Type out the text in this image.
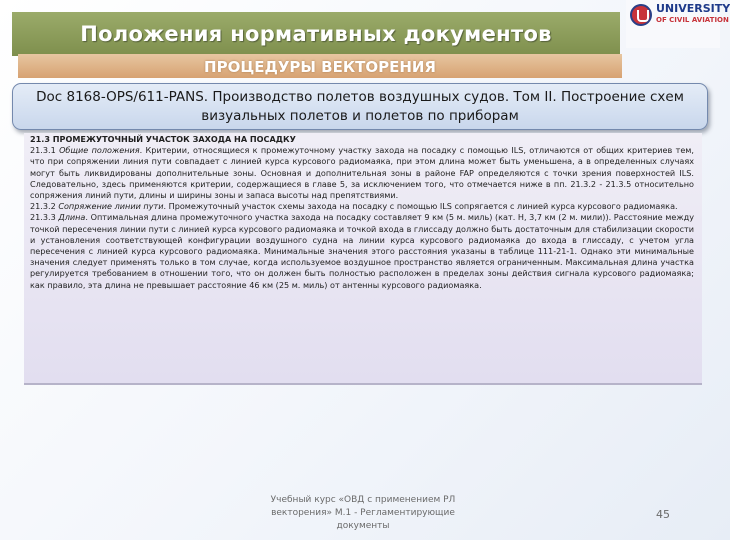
Положения нормативных документов
UNIVERSITY
OF CIVIL AVIATION
ПРОЦЕДУРЫ ВЕКТОРЕНИЯ
Doc 8168-OPS/611-PANS. Производство полетов воздушных судов. Том II. Построение схем визуальных полетов и полетов по приборам

21.3 ПРОМЕЖУТОЧНЫЙ УЧАСТОК ЗАХОДА НА ПОСАДКУ

21.3.1 Общие положения. Критерии, относящиеся к промежуточному участку захода на посадку с помощью ILS, отличаются от общих критериев тем, что при сопряжении линия пути совпадает с линией курса курсового радиомаяка, при этом длина может быть уменьшена, а в определенных случаях могут быть ликвидированы дополнительные зоны. Основная и дополнительная зоны в районе FAP определяются с точки зрения поверхностей ILS. Следовательно, здесь применяются критерии, содержащиеся в главе 5, за исключением того, что отмечается ниже в пп. 21.3.2 - 21.3.5 относительно сопряжения линий пути, длины и ширины зоны и запаса высоты над препятствиями.

21.3.2 Сопряжение линии пути. Промежуточный участок схемы захода на посадку с помощью ILS сопрягается с линией курса курсового радиомаяка.

21.3.3 Длина. Оптимальная длина промежуточного участка захода на посадку составляет 9 км (5 м. миль) (кат. H, 3,7 км (2 м. мили)). Расстояние между точкой пересечения линии пути с линией курса курсового радиомаяка и точкой входа в глиссаду должно быть достаточным для стабилизации скорости и установления соответствующей конфигурации воздушного судна на линии курса курсового радиомаяка до входа в глиссаду, с учетом угла пересечения с линией курса курсового радиомаяка. Минимальные значения этого расстояния указаны в таблице 111-21-1. Однако эти минимальные значения следует применять только в том случае, когда используемое воздушное пространство является ограниченным. Максимальная длина участка регулируется требованием в отношении того, что он должен быть полностью расположен в пределах зоны действия сигнала курсового радиомаяка; как правило, эта длина не превышает расстояние 46 км (25 м. миль) от антенны курсового радиомаяка.

Учебный курс «ОВД с применением РЛ векторения» М.1 - Регламентирующие документы
45
